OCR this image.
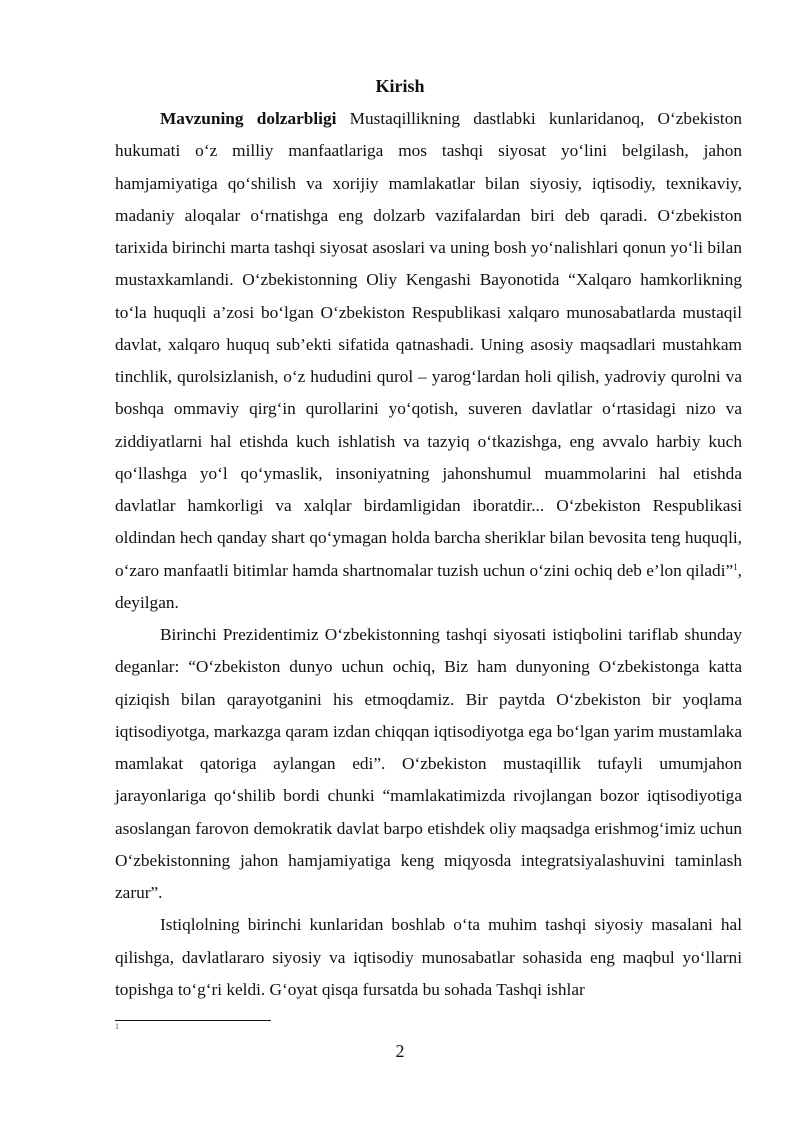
Kirish

Mavzuning dolzarbligi Mustaqillikning dastlabki kunlaridanoq, O‘zbekiston hukumati o‘z milliy manfaatlariga mos tashqi siyosat yo‘lini belgilash, jahon hamjamiyatiga qo‘shilish va xorijiy mamlakatlar bilan siyosiy, iqtisodiy, texnikaviy, madaniy aloqalar o‘rnatishga eng dolzarb vazifalardan biri deb qaradi. O‘zbekiston tarixida birinchi marta tashqi siyosat asoslari va uning bosh yo‘nalishlari qonun yo‘li bilan mustaxkamlandi. O‘zbekistonning Oliy Kengashi Bayonotida “Xalqaro hamkorlikning to‘la huquqli a’zosi bo‘lgan O‘zbekiston Respublikasi xalqaro munosabatlarda mustaqil davlat, xalqaro huquq sub’ekti sifatida qatnashadi. Uning asosiy maqsadlari mustahkam tinchlik, qurolsizlanish, o‘z hududini qurol – yarog‘lardan holi qilish, yadroviy qurolni va boshqa ommaviy qirg‘in qurollarini yo‘qotish, suveren davlatlar o‘rtasidagi nizo va ziddiyatlarni hal etishda kuch ishlatish va tazyiq o‘tkazishga, eng avvalo harbiy kuch qo‘llashga yo‘l qo‘ymaslik, insoniyatning jahonshumul muammolarini hal etishda davlatlar hamkorligi va xalqlar birdamligidan iboratdir... O‘zbekiston Respublikasi oldindan hech qanday shart qo‘ymagan holda barcha sheriklar bilan bevosita teng huquqli, o‘zaro manfaatli bitimlar hamda shartnomalar tuzish uchun o‘zini ochiq deb e’lon qiladi”$^1$, deyilgan.

Birinchi Prezidentimiz O‘zbekistonning tashqi siyosati istiqbolini tariflab shunday deganlar: “O‘zbekiston dunyo uchun ochiq, Biz ham dunyoning O‘zbekistonga katta qiziqish bilan qarayotganini his etmoqdamiz. Bir paytda O‘zbekiston bir yoqlama iqtisodiyotga, markazga qaram izdan chiqqan iqtisodiyotga ega bo‘lgan yarim mustamlaka mamlakat qatoriga aylangan edi”. O‘zbekiston mustaqillik tufayli umumjahon jarayonlariga qo‘shilib bordi chunki “mamlakatimizda rivojlangan bozor iqtisodiyotiga asoslangan farovon demokratik davlat barpo etishdek oliy maqsadga erishmog‘imiz uchun O‘zbekistonning jahon hamjamiyatiga keng miqyosda integratsiyalashuvini taminlash zarur”.

Istiqlolning birinchi kunlaridan boshlab o‘ta muhim tashqi siyosiy masalani hal qilishga, davlatlararo siyosiy va iqtisodiy munosabatlar sohasida eng maqbul yo‘llarni topishga to‘g‘ri keldi. G‘oyat qisqa fursatda bu sohada Tashqi ishlar

1
2
